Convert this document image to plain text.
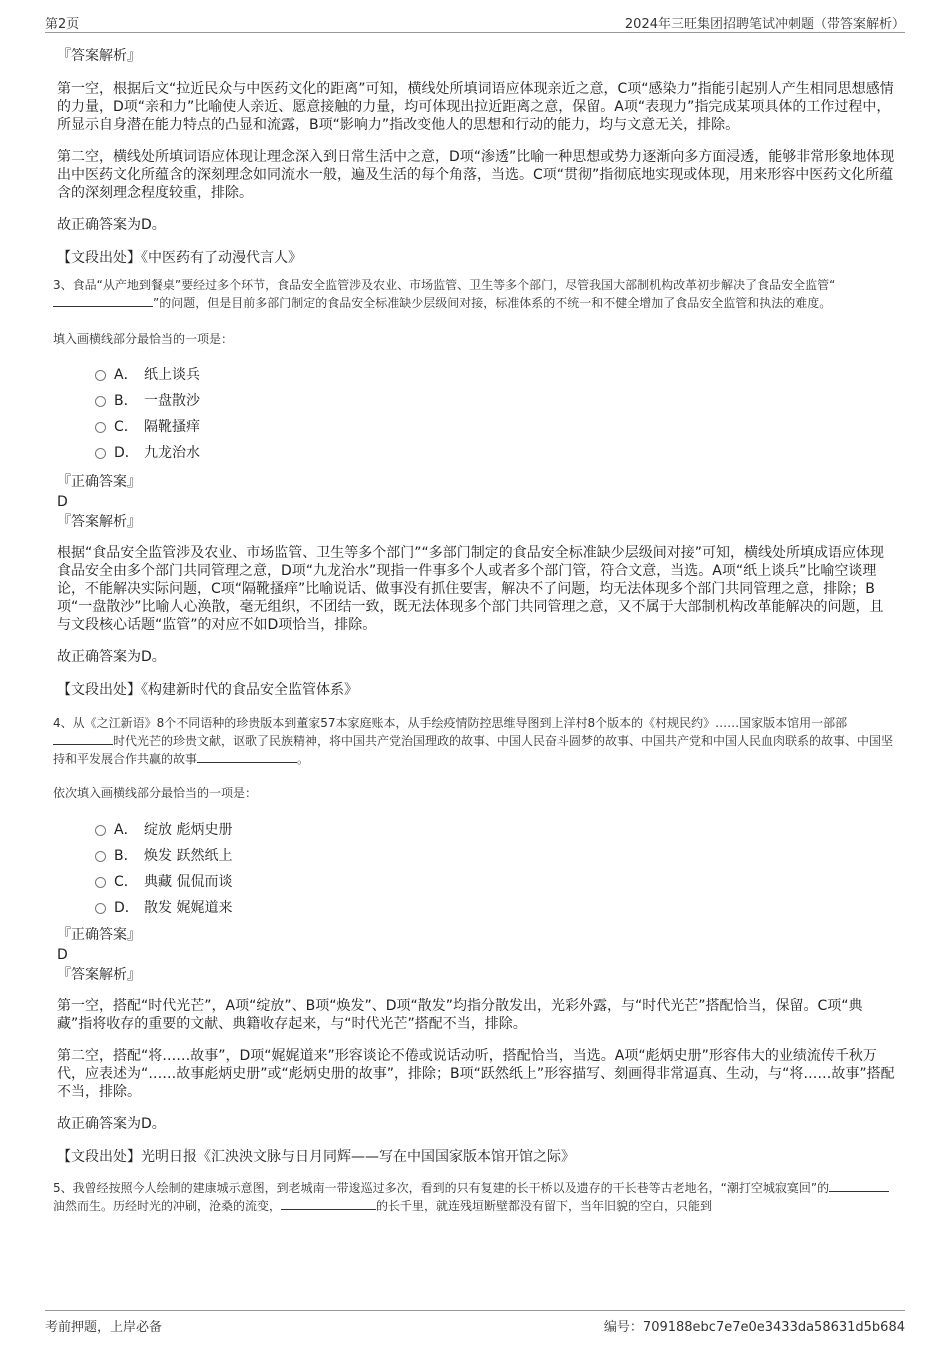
第2页	2024年三旺集团招聘笔试冲刺题（带答案解析）
『答案解析』
第一空，根据后文“拉近民众与中医药文化的距离”可知，横线处所填词语应体现亲近之意，C项“感染力”指能引起别人产生相同思想感情的力量，D项“亲和力”比喻使人亲近、愿意接触的力量，均可体现出拉近距离之意，保留。A项“表现力”指完成某项具体的工作过程中，所显示自身潜在能力特点的凸显和流露，B项“影响力”指改变他人的思想和行动的能力，均与文意无关，排除。
第二空，横线处所填词语应体现让理念深入到日常生活中之意，D项“渗透”比喻一种思想或势力逐渐向多方面浸透，能够非常形象地体现出中医药文化所蕴含的深刻理念如同流水一般，遍及生活的每个角落，当选。C项“贯彻”指彻底地实现或体现，用来形容中医药文化所蕴含的深刻理念程度较重，排除。
故正确答案为D。
【文段出处】《中医药有了动漫代言人》
3、食品“从产地到餐桌”要经过多个环节，食品安全监管涉及农业、市场监管、卫生等多个部门，尽管我国大部制机构改革初步解决了食品安全监管“”的问题，但是目前多部门制定的食品安全标准缺少层级间对接，标准体系的不统一和不健全增加了食品安全监管和执法的难度。
填入画横线部分最恰当的一项是：
A． 纸上谈兵
B． 一盘散沙
C． 隔靴搔痒
D． 九龙治水
『正确答案』
D
『答案解析』
根据“食品安全监管涉及农业、市场监管、卫生等多个部门”“多部门制定的食品安全标准缺少层级间对接”可知，横线处所填成语应体现食品安全由多个部门共同管理之意，D项“九龙治水”现指一件事多个人或者多个部门管，符合文意，当选。A项“纸上谈兵”比喻空谈理论，不能解决实际问题，C项“隔靴搔痒”比喻说话、做事没有抓住要害，解决不了问题，均无法体现多个部门共同管理之意，排除；B项“一盘散沙”比喻人心涣散，毫无组织，不团结一致，既无法体现多个部门共同管理之意，又不属于大部制机构改革能解决的问题，且与文段核心话题“监管”的对应不如D项恰当，排除。
故正确答案为D。
【文段出处】《构建新时代的食品安全监管体系》
4、从《之江新语》8个不同语种的珍贵版本到董家57本家庭账本，从手绘疫情防控思维导图到上洋村8个版本的《村规民约》……国家版本馆用一部部时代光芒的珍贵文献，讴歌了民族精神，将中国共产党治国理政的故事、中国人民奋斗圆梦的故事、中国共产党和中国人民血肉联系的故事、中国坚持和平发展合作共赢的故事	。
依次填入画横线部分最恰当的一项是：
A． 绽放 彪炳史册
B． 焕发 跃然纸上
C． 典藏 侃侃而谈
D． 散发 娓娓道来
『正确答案』
D
『答案解析』
第一空，搭配“时代光芒”，A项“绽放”、B项“焕发”、D项“散发”均指分散发出，光彩外露，与“时代光芒”搭配恰当，保留。C项“典藏”指将收存的重要的文献、典籍收存起来，与“时代光芒”搭配不当，排除。
第二空，搭配“将……故事”，D项“娓娓道来”形容谈论不倦或说话动听，搭配恰当，当选。A项“彪炳史册”形容伟大的业绩流传千秋万代，应表述为“……故事彪炳史册”或“彪炳史册的故事”，排除；B项“跃然纸上”形容描写、刻画得非常逼真、生动，与“将……故事”搭配不当，排除。
故正确答案为D。
【文段出处】光明日报《汇泱泱文脉与日月同辉——写在中国国家版本馆开馆之际》
5、我曾经按照今人绘制的建康城示意图，到老城南一带逡巡过多次，看到的只有复建的长干桥以及遗存的干长巷等古老地名，“潮打空城寂寞回”的油然而生。历经时光的冲刷，沧桑的流变，	的长千里，就连残垣断壁都没有留下，当年旧貌的空白，只能到
考前押题，上岸必备	编号：709188ebc7e7e0e3433da58631d5b684
